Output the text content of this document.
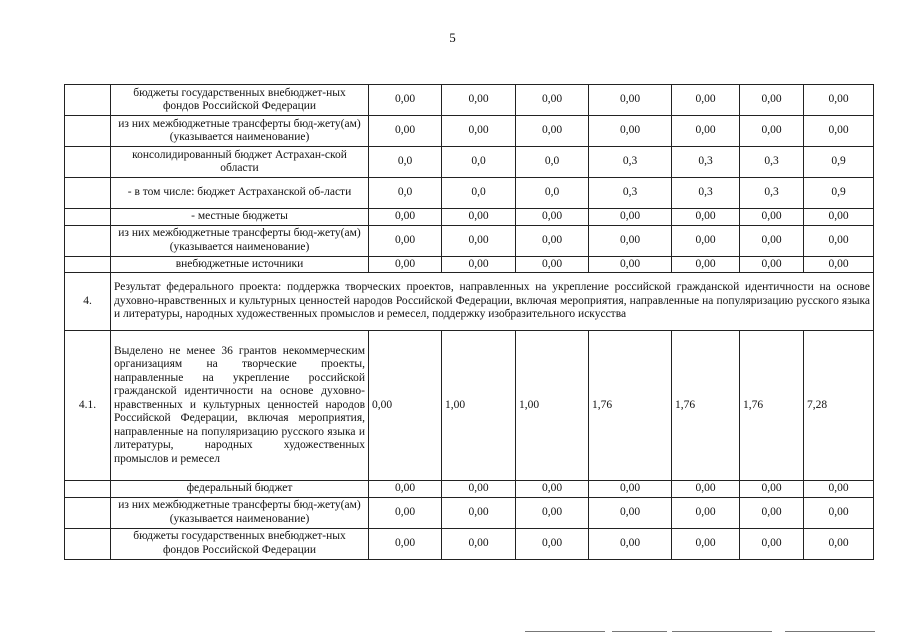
5
	бюджеты государственных внебюджет-ных фондов Российской Федерации	0,00	0,00	0,00	0,00	0,00	0,00	0,00
	из них межбюджетные трансферты бюд-жету(ам) (указывается наименование)	0,00	0,00	0,00	0,00	0,00	0,00	0,00
	консолидированный бюджет Астрахан-ской области	0,0	0,0	0,0	0,3	0,3	0,3	0,9
	- в том числе: бюджет Астраханской об-ласти	0,0	0,0	0,0	0,3	0,3	0,3	0,9
	- местные бюджеты	0,00	0,00	0,00	0,00	0,00	0,00	0,00
	из них межбюджетные трансферты бюд-жету(ам) (указывается наименование)	0,00	0,00	0,00	0,00	0,00	0,00	0,00
	внебюджетные источники	0,00	0,00	0,00	0,00	0,00	0,00	0,00
4.	Результат федерального проекта: поддержка творческих проектов, направленных на укрепление российской гражданской идентичности на основе духовно-нравственных и культурных ценностей народов Российской Федерации, включая мероприятия, направленные на популяризацию русского языка и литературы, народных художественных промыслов и ремесел, поддержку изобразительного искусства							
4.1.	Выделено не менее 36 грантов некоммерческим организациям на творческие проекты, направленные на укрепление российской гражданской идентичности на основе духовно-нравственных и культурных ценностей народов Российской Федерации, включая мероприятия, направленные на популяризацию русского языка и литературы, народных художественных промыслов и ремесел	0,00	1,00	1,00	1,76	1,76	1,76	7,28
	федеральный бюджет	0,00	0,00	0,00	0,00	0,00	0,00	0,00
	из них межбюджетные трансферты бюд-жету(ам) (указывается наименование)	0,00	0,00	0,00	0,00	0,00	0,00	0,00
	бюджеты государственных внебюджет-ных фондов Российской Федерации	0,00	0,00	0,00	0,00	0,00	0,00	0,00
